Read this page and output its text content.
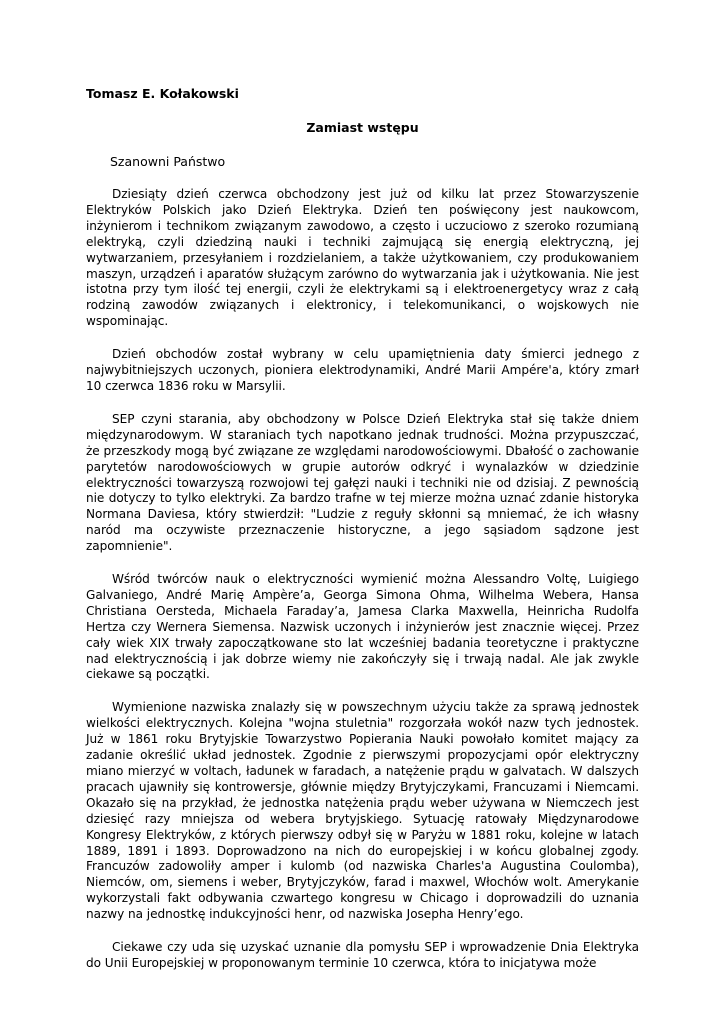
Tomasz E. Kołakowski

Zamiast wstępu

Szanowni Państwo

Dziesiąty dzień czerwca obchodzony jest już od kilku lat przez Stowarzyszenie Elektryków Polskich jako Dzień Elektryka. Dzień ten poświęcony jest naukowcom, inżynierom i technikom związanym zawodowo, a często i uczuciowo z szeroko rozumianą elektryką, czyli dziedziną nauki i techniki zajmującą się energią elektryczną, jej wytwarzaniem, przesyłaniem i rozdzielaniem, a także użytkowaniem, czy produkowaniem maszyn, urządzeń i aparatów służącym zarówno do wytwarzania jak i użytkowania. Nie jest istotna przy tym ilość tej energii, czyli że elektrykami są i elektroenergetycy wraz z całą rodziną zawodów związanych i elektronicy, i telekomunikanci, o wojskowych nie wspominając.

Dzień obchodów został wybrany w celu upamiętnienia daty śmierci jednego z najwybitniejszych uczonych, pioniera elektrodynamiki, André Marii Ampére'a, który zmarł 10 czerwca 1836 roku w Marsylii.

SEP czyni starania, aby obchodzony w Polsce Dzień Elektryka stał się także dniem międzynarodowym. W staraniach tych napotkano jednak trudności. Można przypuszczać, że przeszkody mogą być związane ze względami narodowościowymi. Dbałość o zachowanie parytetów narodowościowych w grupie autorów odkryć i wynalazków w dziedzinie elektryczności towarzyszą rozwojowi tej gałęzi nauki i techniki nie od dzisiaj. Z pewnością nie dotyczy to tylko elektryki. Za bardzo trafne w tej mierze można uznać zdanie historyka Normana Daviesa, który stwierdził: "Ludzie z reguły skłonni są mniemać, że ich własny naród ma oczywiste przeznaczenie historyczne, a jego sąsiadom sądzone jest zapomnienie".

Wśród twórców nauk o elektryczności wymienić można Alessandro Voltę, Luigiego Galvaniego, André Marię Ampère’a, Georga Simona Ohma, Wilhelma Webera, Hansa Christiana Oersteda, Michaela Faraday’a, Jamesa Clarka Maxwella, Heinricha Rudolfa Hertza czy Wernera Siemensa. Nazwisk uczonych i inżynierów jest znacznie więcej. Przez cały wiek XIX trwały zapoczątkowane sto lat wcześniej badania teoretyczne i praktyczne nad elektrycznością i jak dobrze wiemy nie zakończyły się i trwają nadal. Ale jak zwykle ciekawe są początki.

Wymienione nazwiska znalazły się w powszechnym użyciu także za sprawą jednostek wielkości elektrycznych. Kolejna "wojna stuletnia" rozgorzała wokół nazw tych jednostek. Już w 1861 roku Brytyjskie Towarzystwo Popierania Nauki powołało komitet mający za zadanie określić układ jednostek. Zgodnie z pierwszymi propozycjami opór elektryczny miano mierzyć w voltach, ładunek w faradach, a natężenie prądu w galvatach. W dalszych pracach ujawniły się kontrowersje, głównie między Brytyjczykami, Francuzami i Niemcami. Okazało się na przykład, że jednostka natężenia prądu weber używana w Niemczech jest dziesięć razy mniejsza od webera brytyjskiego. Sytuację ratowały Międzynarodowe Kongresy Elektryków, z których pierwszy odbył się w Paryżu w 1881 roku, kolejne w latach 1889, 1891 i 1893. Doprowadzono na nich do europejskiej i w końcu globalnej zgody. Francuzów zadowoliły amper i kulomb (od nazwiska Charles'a Augustina Coulomba), Niemców, om, siemens i weber, Brytyjczyków, farad i maxwel, Włochów wolt. Amerykanie wykorzystali fakt odbywania czwartego kongresu w Chicago i doprowadzili do uznania nazwy na jednostkę indukcyjności henr, od nazwiska Josepha Henry’ego.

Ciekawe czy uda się uzyskać uznanie dla pomysłu SEP i wprowadzenie Dnia Elektryka do Unii Europejskiej w proponowanym terminie 10 czerwca, która to inicjatywa może
